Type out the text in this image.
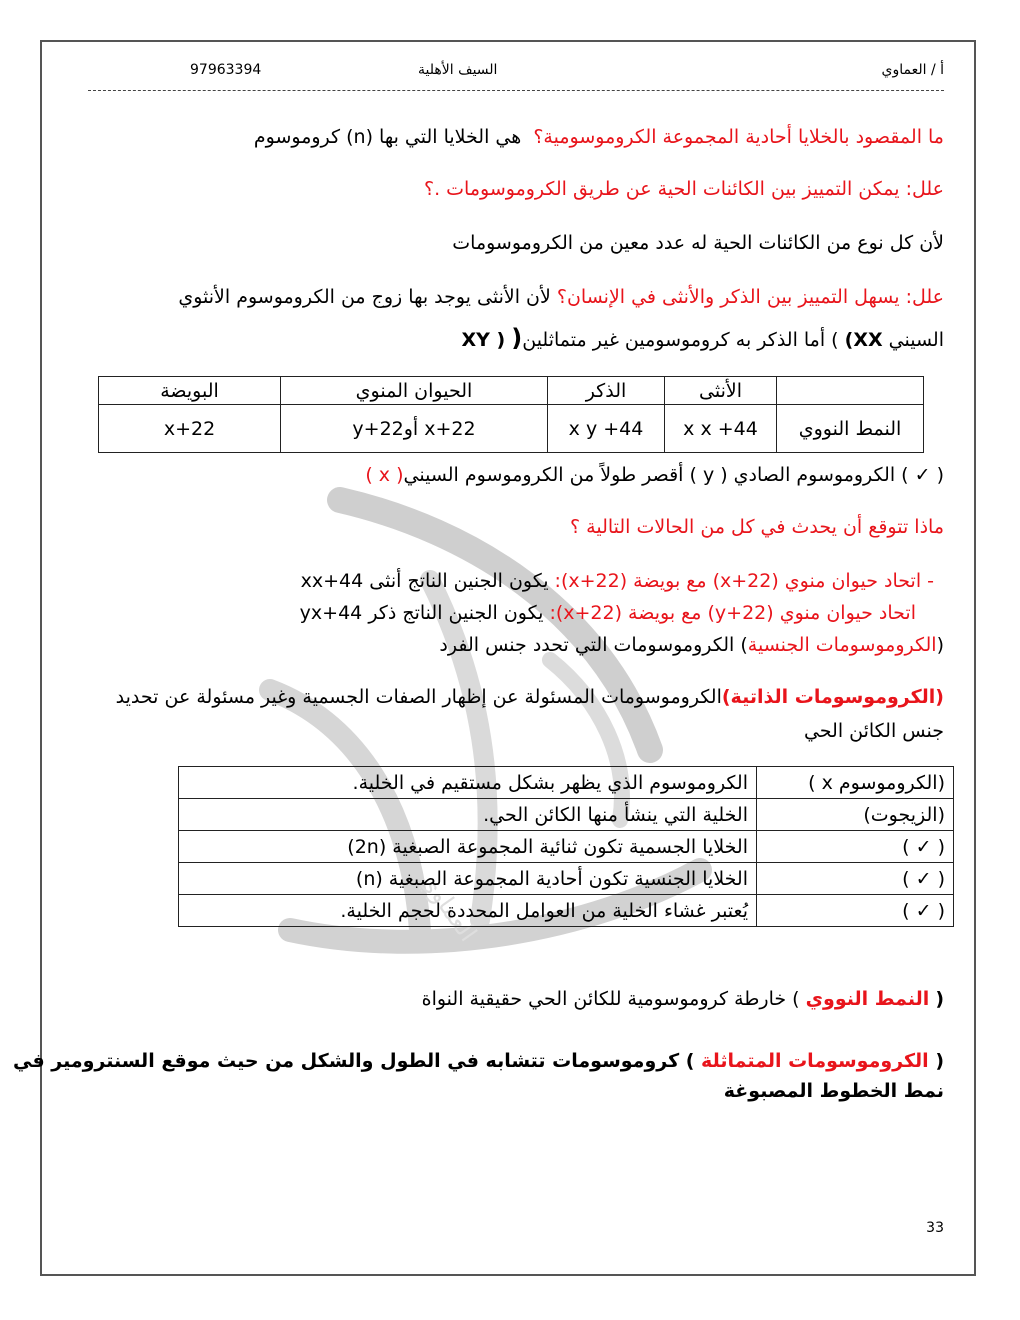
العماوي
أ / العماوي
السيف الأهلية
97963394
ما المقصود بالخلايا أحادية المجموعة الكروموسومية؟  هي الخلايا التي بها (n) كروموسوم
علل: يمكن التمييز بين الكائنات الحية عن طريق الكروموسومات .؟
لأن كل نوع من الكائنات الحية له عدد معين من الكروموسومات
علل: يسهل التمييز بين الذكر والأنثى في الإنسان؟ لأن الأنثى يوجد بها زوج من الكروموسوم الأنثوي
السيني (XX ) أما الذكر به كروموسومين غير متماثلين( XY )
	الأنثى	الذكر	الحيوان المنوي	البويضة
النمط النووي	x x +44	x y +44	x+22 أوy+22	x+22
( ✓ ) الكروموسوم الصادي ( y ) أقصر طولاً من الكروموسوم السيني( x )
ماذا تتوقع أن يحدث في كل من الحالات التالية ؟
- اتحاد حيوان منوي (x+22) مع بويضة (x+22): يكون الجنين الناتج أنثى xx+44
اتحاد حيوان منوي (y+22) مع بويضة (x+22): يكون الجنين الناتج ذكر yx+44
(الكروموسومات الجنسية) الكروموسومات التي تحدد جنس الفرد
(الكروموسومات الذاتية)الكروموسومات المسئولة عن إظهار الصفات الجسمية وغير مسئولة عن تحديد
جنس الكائن الحي
(الكروموسوم x )	الكروموسوم الذي يظهر بشكل مستقيم في الخلية.
(الزيجوت)	الخلية التي ينشأ منها الكائن الحي.
( ✓ )	الخلايا الجسمية تكون ثنائية المجموعة الصبغية (2n)
( ✓ )	الخلايا الجنسية تكون أحادية المجموعة الصبغية (n)
( ✓ )	يُعتبر غشاء الخلية من العوامل المحددة لحجم الخلية.
( النمط النووي ) خارطة كروموسومية للكائن الحي حقيقية النواة
( الكروموسومات المتماثلة ) كروموسومات تتشابه في الطول والشكل من حيث موقع السنترومير في
نمط الخطوط المصبوغة
33
